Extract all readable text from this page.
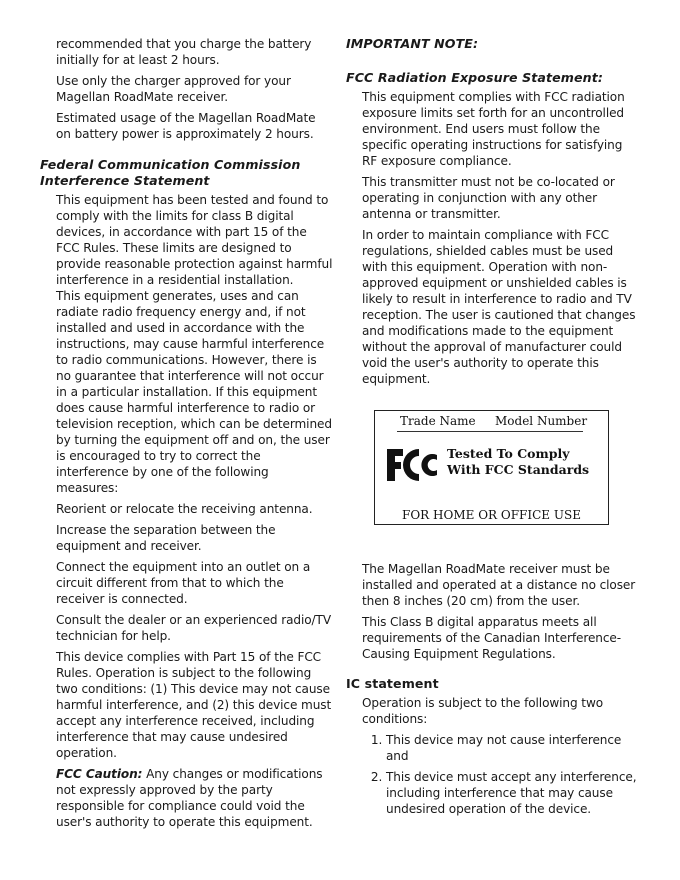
recommended that you charge the battery initially for at least 2 hours.

Use only the charger approved for your Magellan RoadMate receiver.

Estimated usage of the Magellan RoadMate on battery power is approximately 2 hours.

Federal Communication Commission Interference Statement

This equipment has been tested and found to comply with the limits for class B digital devices, in accordance with part 15 of the FCC Rules. These limits are designed to provide reasonable protection against harmful interference in a residential installation.

This equipment generates, uses and can radiate radio frequency energy and, if not installed and used in accordance with the instructions, may cause harmful interference to radio communications. However, there is no guarantee that interference will not occur in a particular installation. If this equipment does cause harmful interference to radio or television reception, which can be determined by turning the equipment off and on, the user is encouraged to try to correct the interference by one of the following measures:

Reorient or relocate the receiving antenna.

Increase the separation between the equipment and receiver.

Connect the equipment into an outlet on a circuit different from that to which the receiver is connected.

Consult the dealer or an experienced radio/TV technician for help.

This device complies with Part 15 of the FCC Rules. Operation is subject to the following two conditions: (1) This device may not cause harmful interference, and (2) this device must accept any interference received, including interference that may cause undesired operation.

FCC Caution: Any changes or modifications not expressly approved by the party responsible for compliance could void the user's authority to operate this equipment.

IMPORTANT NOTE:
FCC Radiation Exposure Statement:

This equipment complies with FCC radiation exposure limits set forth for an uncontrolled environment. End users must follow the specific operating instructions for satisfying RF exposure compliance.

This transmitter must not be co-located or operating in conjunction with any other antenna or transmitter.

In order to maintain compliance with FCC regulations, shielded cables must be used with this equipment. Operation with non-approved equipment or unshielded cables is likely to result in interference to radio and TV reception. The user is cautioned that changes and modifications made to the equipment without the approval of manufacturer could void the user's authority to operate this equipment.

Trade Name Model Number
Tested To Comply
With FCC Standards
FOR HOME OR OFFICE USE

The Magellan RoadMate receiver must be installed and operated at a distance no closer then 8 inches (20 cm) from the user.

This Class B digital apparatus meets all requirements of the Canadian Interference-Causing Equipment Regulations.

IC statement

Operation is subject to the following two conditions:

1. This device may not cause interference and
2. This device must accept any interference, including interference that may cause undesired operation of the device.
